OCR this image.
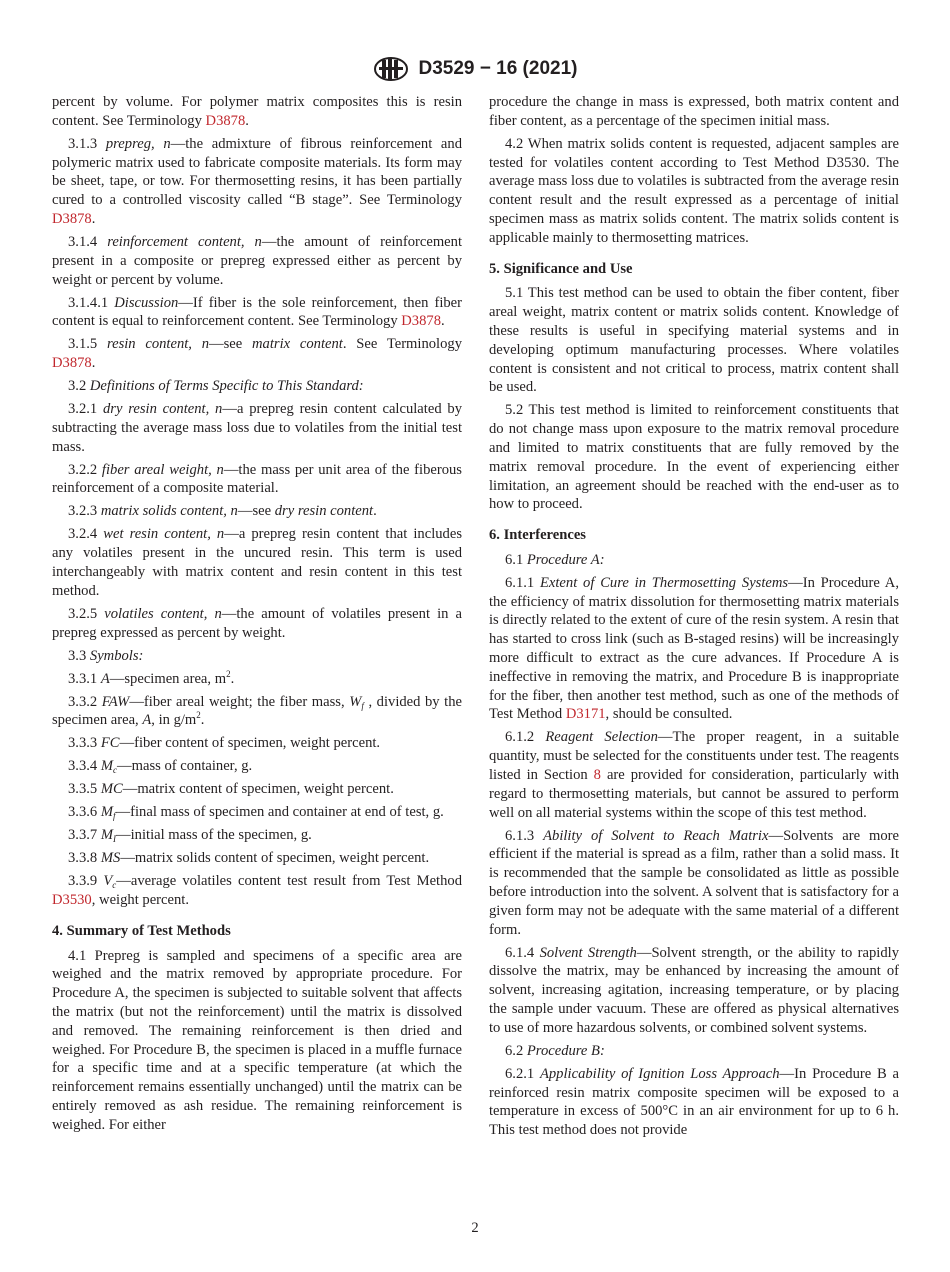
D3529 − 16 (2021)

percent by volume. For polymer matrix composites this is resin content. See Terminology D3878.

3.1.3 prepreg, n—the admixture of fibrous reinforcement and polymeric matrix used to fabricate composite materials. Its form may be sheet, tape, or tow. For thermosetting resins, it has been partially cured to a controlled viscosity called “B stage”. See Terminology D3878.

3.1.4 reinforcement content, n—the amount of reinforcement present in a composite or prepreg expressed either as percent by weight or percent by volume.

3.1.4.1 Discussion—If fiber is the sole reinforcement, then fiber content is equal to reinforcement content. See Terminology D3878.

3.1.5 resin content, n—see matrix content. See Terminology D3878.

3.2 Definitions of Terms Specific to This Standard:

3.2.1 dry resin content, n—a prepreg resin content calculated by subtracting the average mass loss due to volatiles from the initial test mass.

3.2.2 fiber areal weight, n—the mass per unit area of the fiberous reinforcement of a composite material.

3.2.3 matrix solids content, n—see dry resin content.

3.2.4 wet resin content, n—a prepreg resin content that includes any volatiles present in the uncured resin. This term is used interchangeably with matrix content and resin content in this test method.

3.2.5 volatiles content, n—the amount of volatiles present in a prepreg expressed as percent by weight.

3.3 Symbols:

3.3.1 A—specimen area, $m^2$.

3.3.2 FAW—fiber areal weight; the fiber mass, $W_f$ , divided by the specimen area, A, in $g/m^2$.

3.3.3 FC—fiber content of specimen, weight percent.

3.3.4 $M_c—mass$ of container, g.

3.3.5 MC—matrix content of specimen, weight percent.

3.3.6 $M_f—final$ mass of specimen and container at end of test, g.

3.3.7 $M_I—initial$ mass of the specimen, g.

3.3.8 MS—matrix solids content of specimen, weight percent.

3.3.9 $V_c—average$ volatiles content test result from Test Method D3530, weight percent.

4. Summary of Test Methods

4.1 Prepreg is sampled and specimens of a specific area are weighed and the matrix removed by appropriate procedure. For Procedure A, the specimen is subjected to suitable solvent that affects the matrix (but not the reinforcement) until the matrix is dissolved and removed. The remaining reinforcement is then dried and weighed. For Procedure B, the specimen is placed in a muffle furnace for a specific time and at a specific temperature (at which the reinforcement remains essentially unchanged) until the matrix can be entirely removed as ash residue. The remaining reinforcement is weighed. For either

procedure the change in mass is expressed, both matrix content and fiber content, as a percentage of the specimen initial mass.

4.2 When matrix solids content is requested, adjacent samples are tested for volatiles content according to Test Method D3530. The average mass loss due to volatiles is subtracted from the average resin content result and the result expressed as a percentage of initial specimen mass as matrix solids content. The matrix solids content is applicable mainly to thermosetting matrices.

5. Significance and Use

5.1 This test method can be used to obtain the fiber content, fiber areal weight, matrix content or matrix solids content. Knowledge of these results is useful in specifying material systems and in developing optimum manufacturing processes. Where volatiles content is consistent and not critical to process, matrix content shall be used.

5.2 This test method is limited to reinforcement constituents that do not change mass upon exposure to the matrix removal procedure and limited to matrix constituents that are fully removed by the matrix removal procedure. In the event of experiencing either limitation, an agreement should be reached with the end-user as to how to proceed.

6. Interferences

6.1 Procedure A:

6.1.1 Extent of Cure in Thermosetting Systems—In Procedure A, the efficiency of matrix dissolution for thermosetting matrix materials is directly related to the extent of cure of the resin system. A resin that has started to cross link (such as B-staged resins) will be increasingly more difficult to extract as the cure advances. If Procedure A is ineffective in removing the matrix, and Procedure B is inappropriate for the fiber, then another test method, such as one of the methods of Test Method D3171, should be consulted.

6.1.2 Reagent Selection—The proper reagent, in a suitable quantity, must be selected for the constituents under test. The reagents listed in Section 8 are provided for consideration, particularly with regard to thermosetting materials, but cannot be assured to perform well on all material systems within the scope of this test method.

6.1.3 Ability of Solvent to Reach Matrix—Solvents are more efficient if the material is spread as a film, rather than a solid mass. It is recommended that the sample be consolidated as little as possible before introduction into the solvent. A solvent that is satisfactory for a given form may not be adequate with the same material of a different form.

6.1.4 Solvent Strength—Solvent strength, or the ability to rapidly dissolve the matrix, may be enhanced by increasing the amount of solvent, increasing agitation, increasing temperature, or by placing the sample under vacuum. These are offered as physical alternatives to use of more hazardous solvents, or combined solvent systems.

6.2 Procedure B:

6.2.1 Applicability of Ignition Loss Approach—In Procedure B a reinforced resin matrix composite specimen will be exposed to a temperature in excess of 500°C in an air environment for up to 6 h. This test method does not provide

2
